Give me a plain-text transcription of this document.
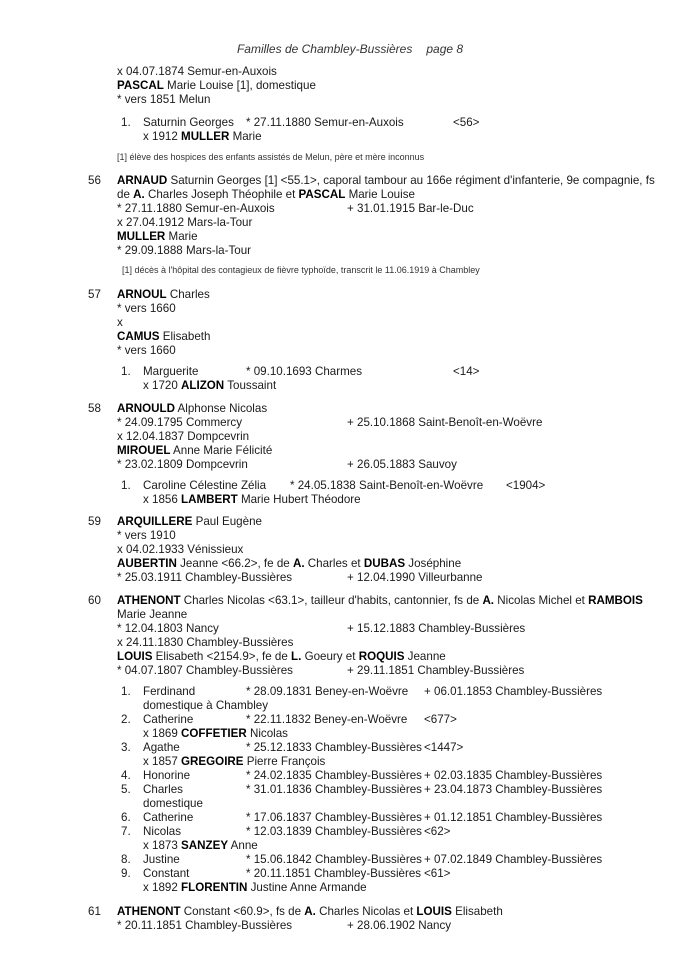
Familles de Chambley-Bussières page 8
x 04.07.1874 Semur-en-Auxois
PASCAL Marie Louise [1], domestique
* vers 1851 Melun
1. Saturnin Georges * 27.11.1880 Semur-en-Auxois	<56>
x 1912 MULLER Marie
[1] élève des hospices des enfants assistés de Melun, père et mère inconnus
56 ARNAUD Saturnin Georges [1] <55.1>, caporal tambour au 166e régiment d'infanterie, 9e compagnie, fs
de A. Charles Joseph Théophile et PASCAL Marie Louise
* 27.11.1880 Semur-en-Auxois	+ 31.01.1915 Bar-le-Duc
x 27.04.1912 Mars-la-Tour
MULLER Marie
* 29.09.1888 Mars-la-Tour
[1] décès à l'hôpital des contagieux de fièvre typhoïde, transcrit le 11.06.1919 à Chambley
57 ARNOUL Charles
* vers 1660
x
CAMUS Elisabeth
* vers 1660
1. Marguerite	* 09.10.1693 Charmes	<14>
x 1720 ALIZON Toussaint
58 ARNOULD Alphonse Nicolas
* 24.09.1795 Commercy	+ 25.10.1868 Saint-Benoît-en-Woëvre
x 12.04.1837 Dompcevrin
MIROUEL Anne Marie Félicité
* 23.02.1809 Dompcevrin	+ 26.05.1883 Sauvoy
1. Caroline Célestine Zélia * 24.05.1838 Saint-Benoît-en-Woëvre <1904>
x 1856 LAMBERT Marie Hubert Théodore
59 ARQUILLERE Paul Eugène
* vers 1910
x 04.02.1933 Vénissieux
AUBERTIN Jeanne <66.2>, fe de A. Charles et DUBAS Joséphine
* 25.03.1911 Chambley-Bussières	+ 12.04.1990 Villeurbanne
60 ATHENONT Charles Nicolas <63.1>, tailleur d'habits, cantonnier, fs de A. Nicolas Michel et RAMBOIS
Marie Jeanne
* 12.04.1803 Nancy	+ 15.12.1883 Chambley-Bussières
x 24.11.1830 Chambley-Bussières
LOUIS Elisabeth <2154.9>, fe de L. Goeury et ROQUIS Jeanne
* 04.07.1807 Chambley-Bussières	+ 29.11.1851 Chambley-Bussières
1. Ferdinand	* 28.09.1831 Beney-en-Woëvre + 06.01.1853 Chambley-Bussières
domestique à Chambley
2. Catherine	* 22.11.1832 Beney-en-Woëvre <677>
x 1869 COFFETIER Nicolas
3. Agathe	* 25.12.1833 Chambley-Bussières <1447>
x 1857 GREGOIRE Pierre François
4. Honorine	* 24.02.1835 Chambley-Bussières + 02.03.1835 Chambley-Bussières
5. Charles	* 31.01.1836 Chambley-Bussières + 23.04.1873 Chambley-Bussières
domestique
6. Catherine	* 17.06.1837 Chambley-Bussières + 01.12.1851 Chambley-Bussières
7. Nicolas	* 12.03.1839 Chambley-Bussières <62>
x 1873 SANZEY Anne
8. Justine	* 15.06.1842 Chambley-Bussières + 07.02.1849 Chambley-Bussières
9. Constant	* 20.11.1851 Chambley-Bussières <61>
x 1892 FLORENTIN Justine Anne Armande
61 ATHENONT Constant <60.9>, fs de A. Charles Nicolas et LOUIS Elisabeth
* 20.11.1851 Chambley-Bussières	+ 28.06.1902 Nancy
